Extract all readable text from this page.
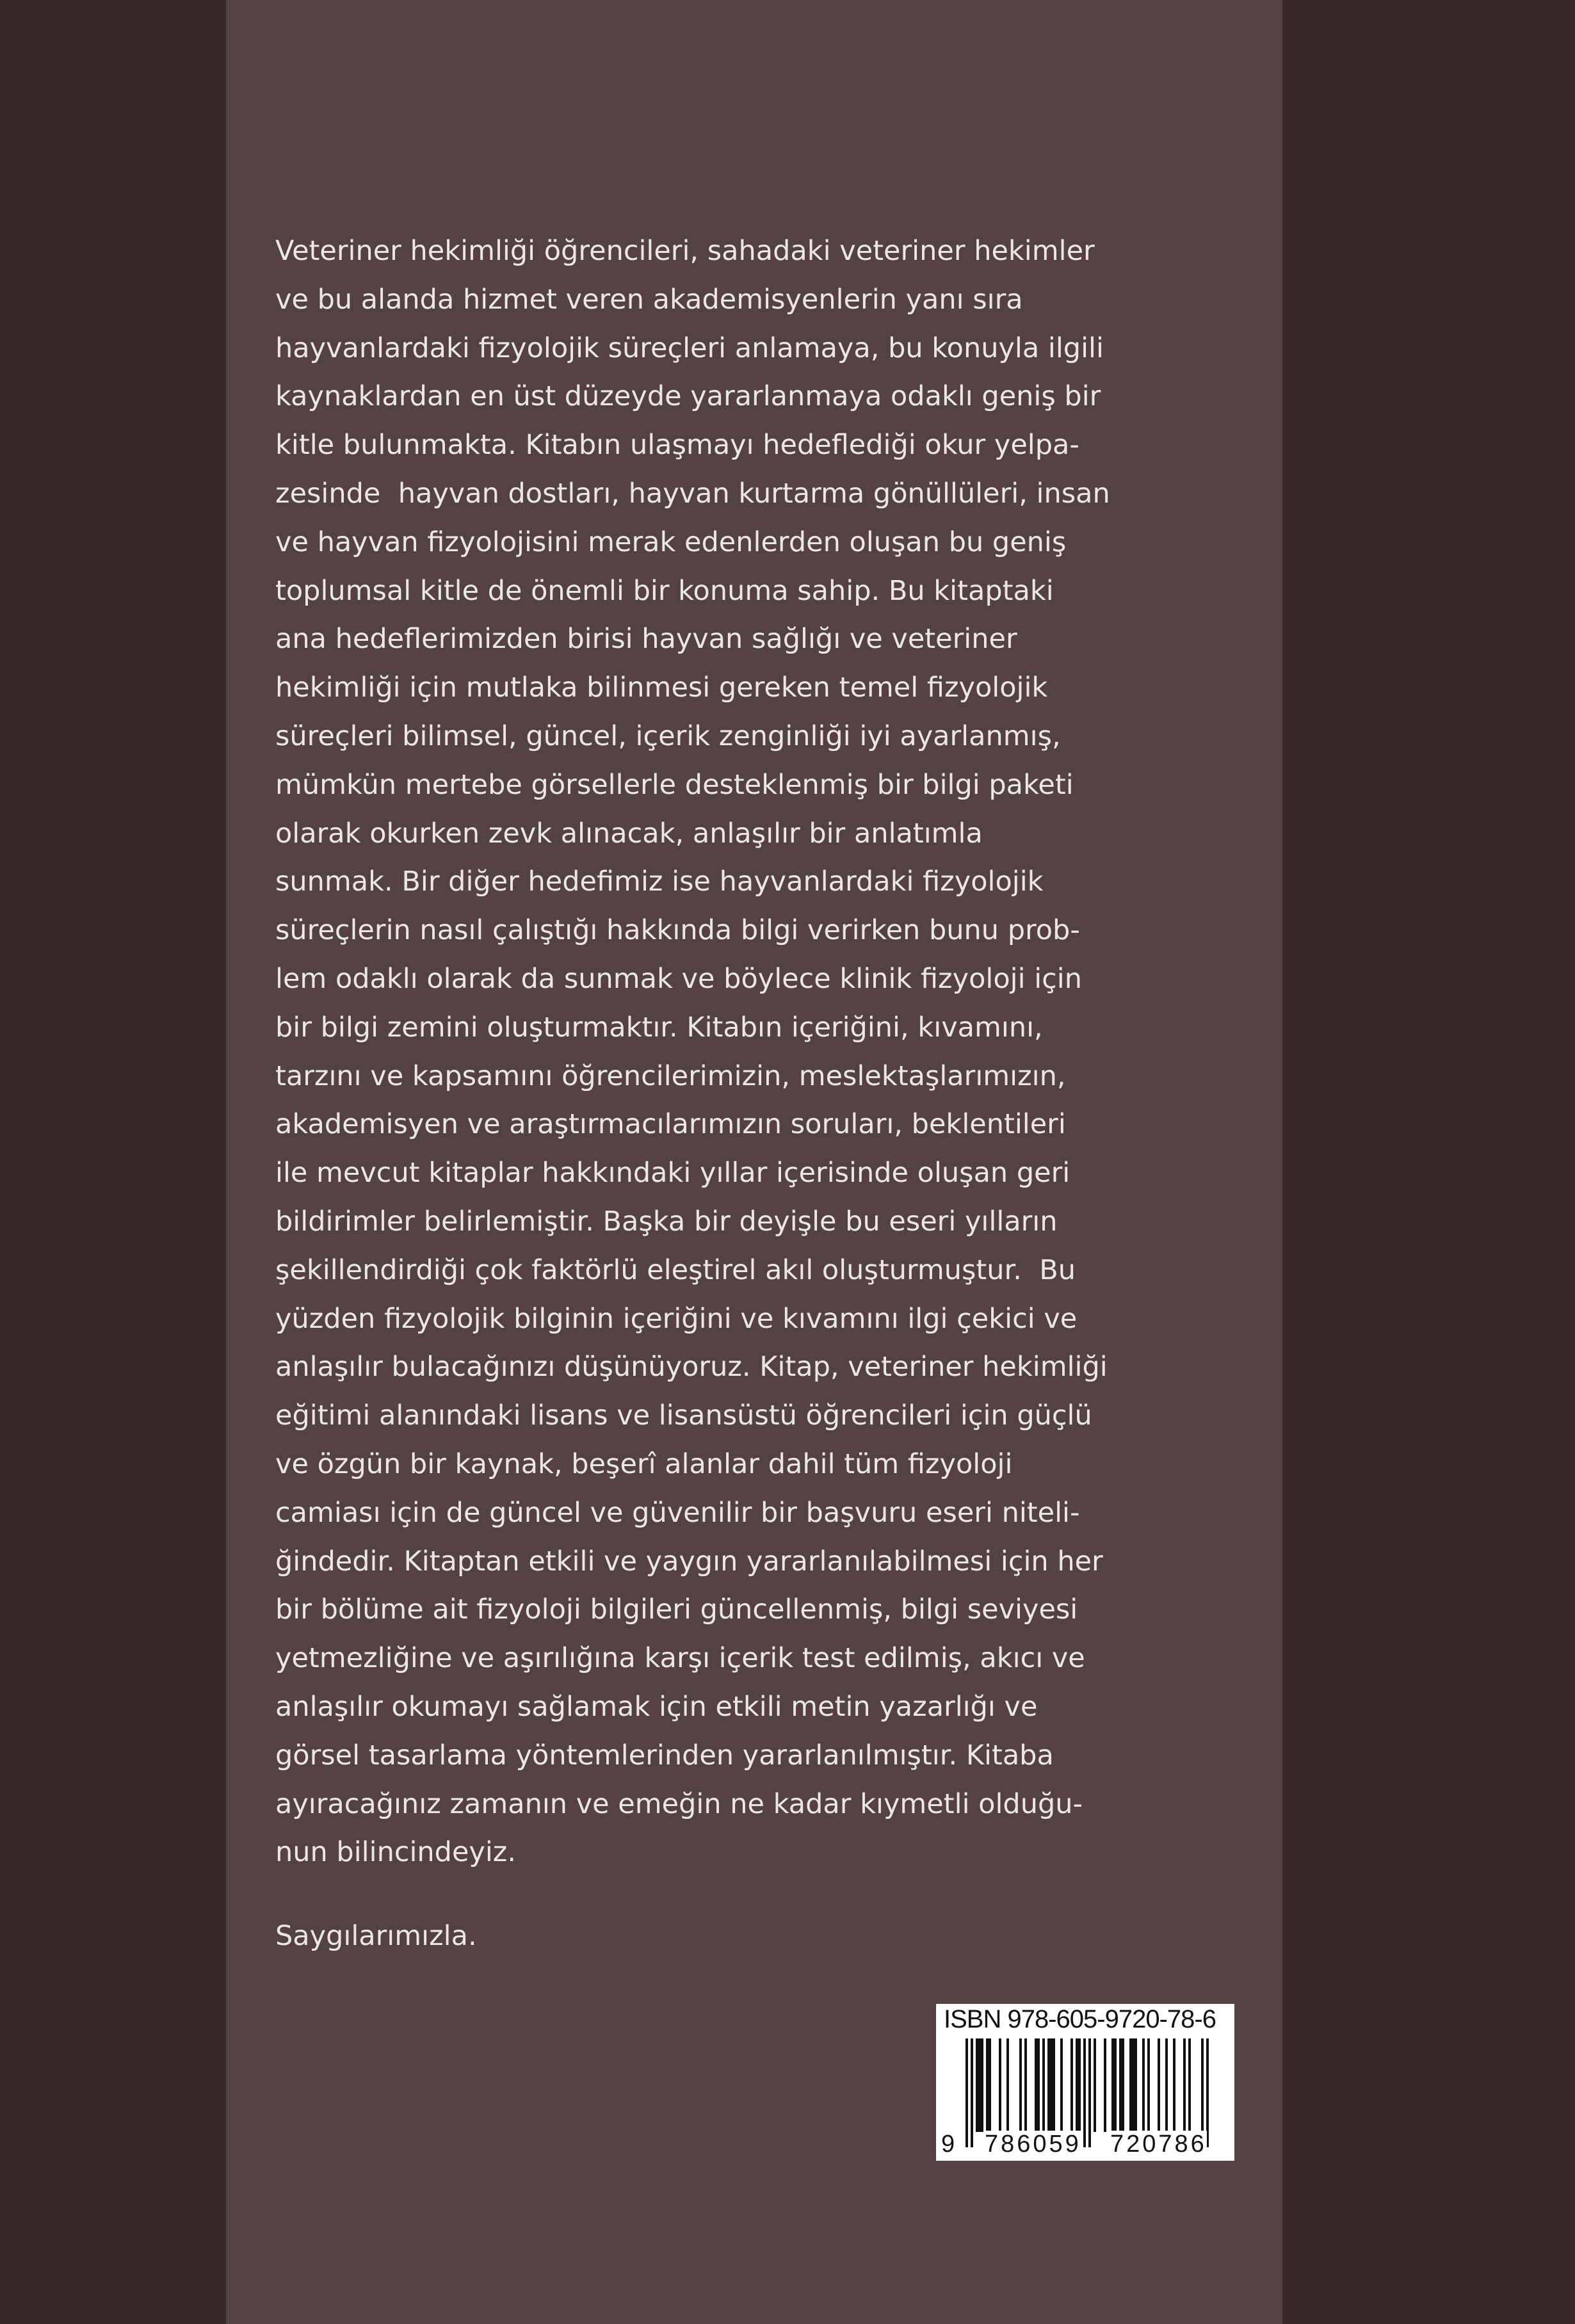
Veteriner hekimliği öğrencileri, sahadaki veteriner hekimler
ve bu alanda hizmet veren akademisyenlerin yanı sıra
hayvanlardaki fizyolojik süreçleri anlamaya, bu konuyla ilgili
kaynaklardan en üst düzeyde yararlanmaya odaklı geniş bir
kitle bulunmakta. Kitabın ulaşmayı hedeflediği okur yelpa-
zesinde  hayvan dostları, hayvan kurtarma gönüllüleri, insan
ve hayvan fizyolojisini merak edenlerden oluşan bu geniş
toplumsal kitle de önemli bir konuma sahip. Bu kitaptaki
ana hedeflerimizden birisi hayvan sağlığı ve veteriner
hekimliği için mutlaka bilinmesi gereken temel fizyolojik
süreçleri bilimsel, güncel, içerik zenginliği iyi ayarlanmış,
mümkün mertebe görsellerle desteklenmiş bir bilgi paketi
olarak okurken zevk alınacak, anlaşılır bir anlatımla
sunmak. Bir diğer hedefimiz ise hayvanlardaki fizyolojik
süreçlerin nasıl çalıştığı hakkında bilgi verirken bunu prob-
lem odaklı olarak da sunmak ve böylece klinik fizyoloji için
bir bilgi zemini oluşturmaktır. Kitabın içeriğini, kıvamını,
tarzını ve kapsamını öğrencilerimizin, meslektaşlarımızın,
akademisyen ve araştırmacılarımızın soruları, beklentileri
ile mevcut kitaplar hakkındaki yıllar içerisinde oluşan geri
bildirimler belirlemiştir. Başka bir deyişle bu eseri yılların
şekillendirdiği çok faktörlü eleştirel akıl oluşturmuştur.  Bu
yüzden fizyolojik bilginin içeriğini ve kıvamını ilgi çekici ve
anlaşılır bulacağınızı düşünüyoruz. Kitap, veteriner hekimliği
eğitimi alanındaki lisans ve lisansüstü öğrencileri için güçlü
ve özgün bir kaynak, beşerî alanlar dahil tüm fizyoloji
camiası için de güncel ve güvenilir bir başvuru eseri niteli-
ğindedir. Kitaptan etkili ve yaygın yararlanılabilmesi için her
bir bölüme ait fizyoloji bilgileri güncellenmiş, bilgi seviyesi
yetmezliğine ve aşırılığına karşı içerik test edilmiş, akıcı ve
anlaşılır okumayı sağlamak için etkili metin yazarlığı ve
görsel tasarlama yöntemlerinden yararlanılmıştır. Kitaba
ayıracağınız zamanın ve emeğin ne kadar kıymetli olduğu-
nun bilincindeyiz.
Saygılarımızla.
ISBN 978-605-9720-78-6
9 786059 720786
